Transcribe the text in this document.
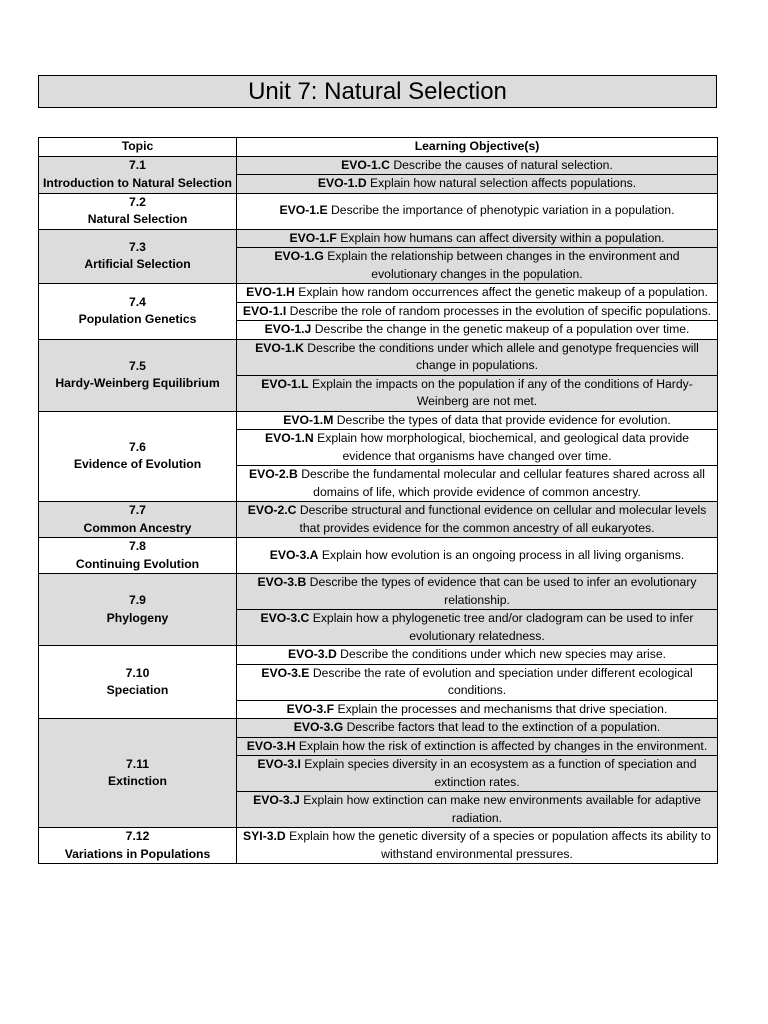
Unit 7: Natural Selection
Topic	Learning Objective(s)

7.1
Introduction to Natural Selection	EVO-1.C Describe the causes of natural selection.
	EVO-1.D Explain how natural selection affects populations.

7.2
Natural Selection	EVO-1.E Describe the importance of phenotypic variation in a population.

7.3
Artificial Selection	EVO-1.F Explain how humans can affect diversity within a population.
	EVO-1.G Explain the relationship between changes in the environment and evolutionary changes in the population.

7.4
Population Genetics	EVO-1.H Explain how random occurrences affect the genetic makeup of a population.
	EVO-1.I Describe the role of random processes in the evolution of specific populations.
	EVO-1.J Describe the change in the genetic makeup of a population over time.

7.5
Hardy-Weinberg Equilibrium	EVO-1.K Describe the conditions under which allele and genotype frequencies will change in populations.
	EVO-1.L Explain the impacts on the population if any of the conditions of Hardy-Weinberg are not met.

7.6
Evidence of Evolution	EVO-1.M Describe the types of data that provide evidence for evolution.
	EVO-1.N Explain how morphological, biochemical, and geological data provide evidence that organisms have changed over time.
	EVO-2.B Describe the fundamental molecular and cellular features shared across all domains of life, which provide evidence of common ancestry.

7.7
Common Ancestry	EVO-2.C Describe structural and functional evidence on cellular and molecular levels that provides evidence for the common ancestry of all eukaryotes.

7.8
Continuing Evolution	EVO-3.A Explain how evolution is an ongoing process in all living organisms.

7.9
Phylogeny	EVO-3.B Describe the types of evidence that can be used to infer an evolutionary relationship.
	EVO-3.C Explain how a phylogenetic tree and/or cladogram can be used to infer evolutionary relatedness.

7.10
Speciation	EVO-3.D Describe the conditions under which new species may arise.
	EVO-3.E Describe the rate of evolution and speciation under different ecological conditions.
	EVO-3.F Explain the processes and mechanisms that drive speciation.

7.11
Extinction	EVO-3.G Describe factors that lead to the extinction of a population.
	EVO-3.H Explain how the risk of extinction is affected by changes in the environment.
	EVO-3.I Explain species diversity in an ecosystem as a function of speciation and extinction rates.
	EVO-3.J Explain how extinction can make new environments available for adaptive radiation.

7.12
Variations in Populations	SYI-3.D Explain how the genetic diversity of a species or population affects its ability to withstand environmental pressures.
